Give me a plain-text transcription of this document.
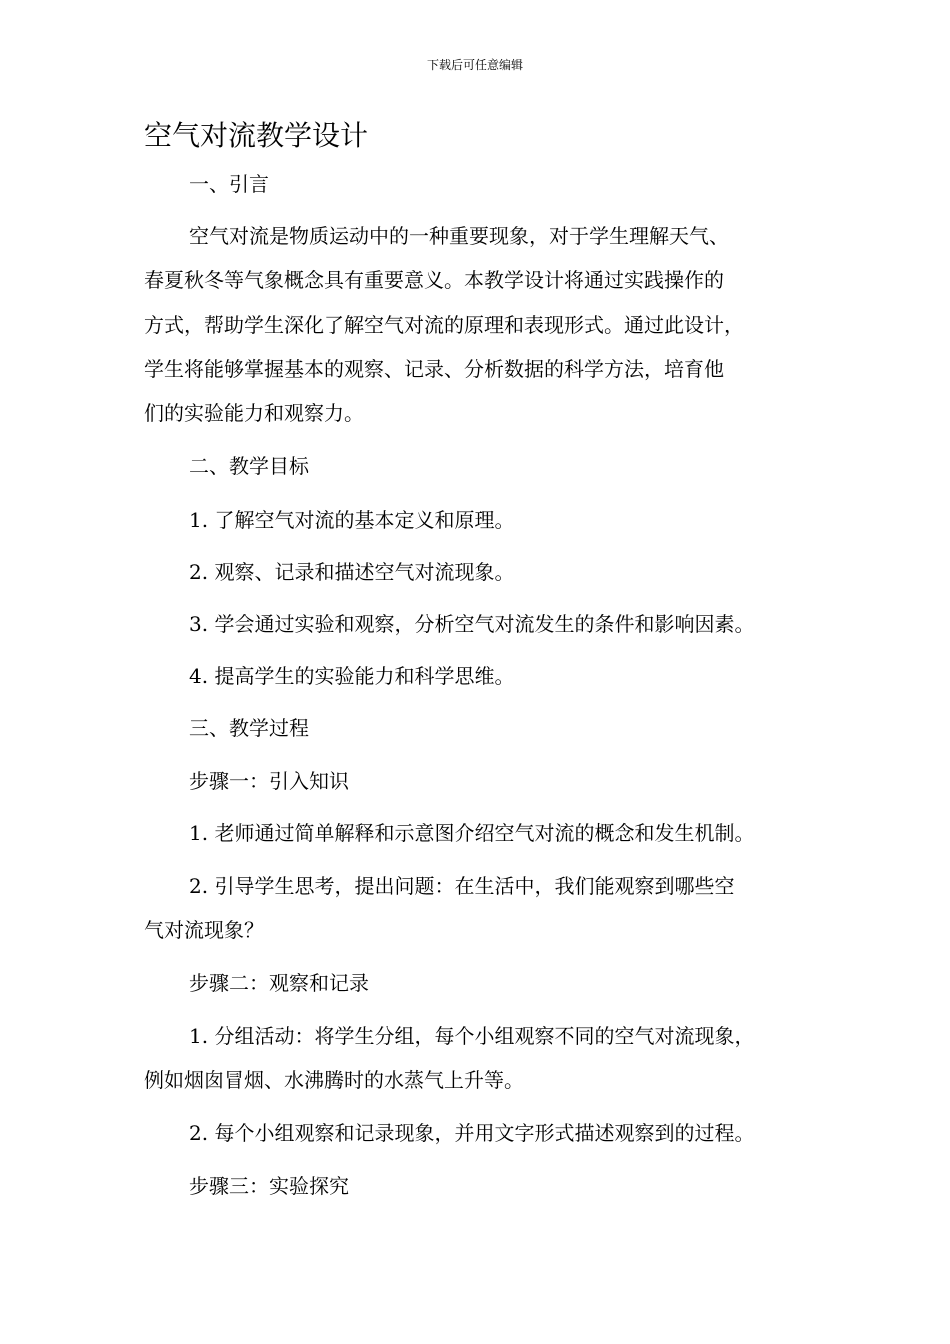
下载后可任意编辑
空气对流教学设计
一、引言
空气对流是物质运动中的一种重要现象，对于学生理解天气、
春夏秋冬等气象概念具有重要意义。本教学设计将通过实践操作的
方式，帮助学生深化了解空气对流的原理和表现形式。通过此设计，
学生将能够掌握基本的观察、记录、分析数据的科学方法，培育他
们的实验能力和观察力。
二、教学目标
1. 了解空气对流的基本定义和原理。
2. 观察、记录和描述空气对流现象。
3. 学会通过实验和观察，分析空气对流发生的条件和影响因素。
4. 提高学生的实验能力和科学思维。
三、教学过程
步骤一：引入知识
1. 老师通过简单解释和示意图介绍空气对流的概念和发生机制。
2. 引导学生思考，提出问题：在生活中，我们能观察到哪些空
气对流现象？
步骤二：观察和记录
1. 分组活动：将学生分组，每个小组观察不同的空气对流现象，
例如烟囱冒烟、水沸腾时的水蒸气上升等。
2. 每个小组观察和记录现象，并用文字形式描述观察到的过程。
步骤三：实验探究
